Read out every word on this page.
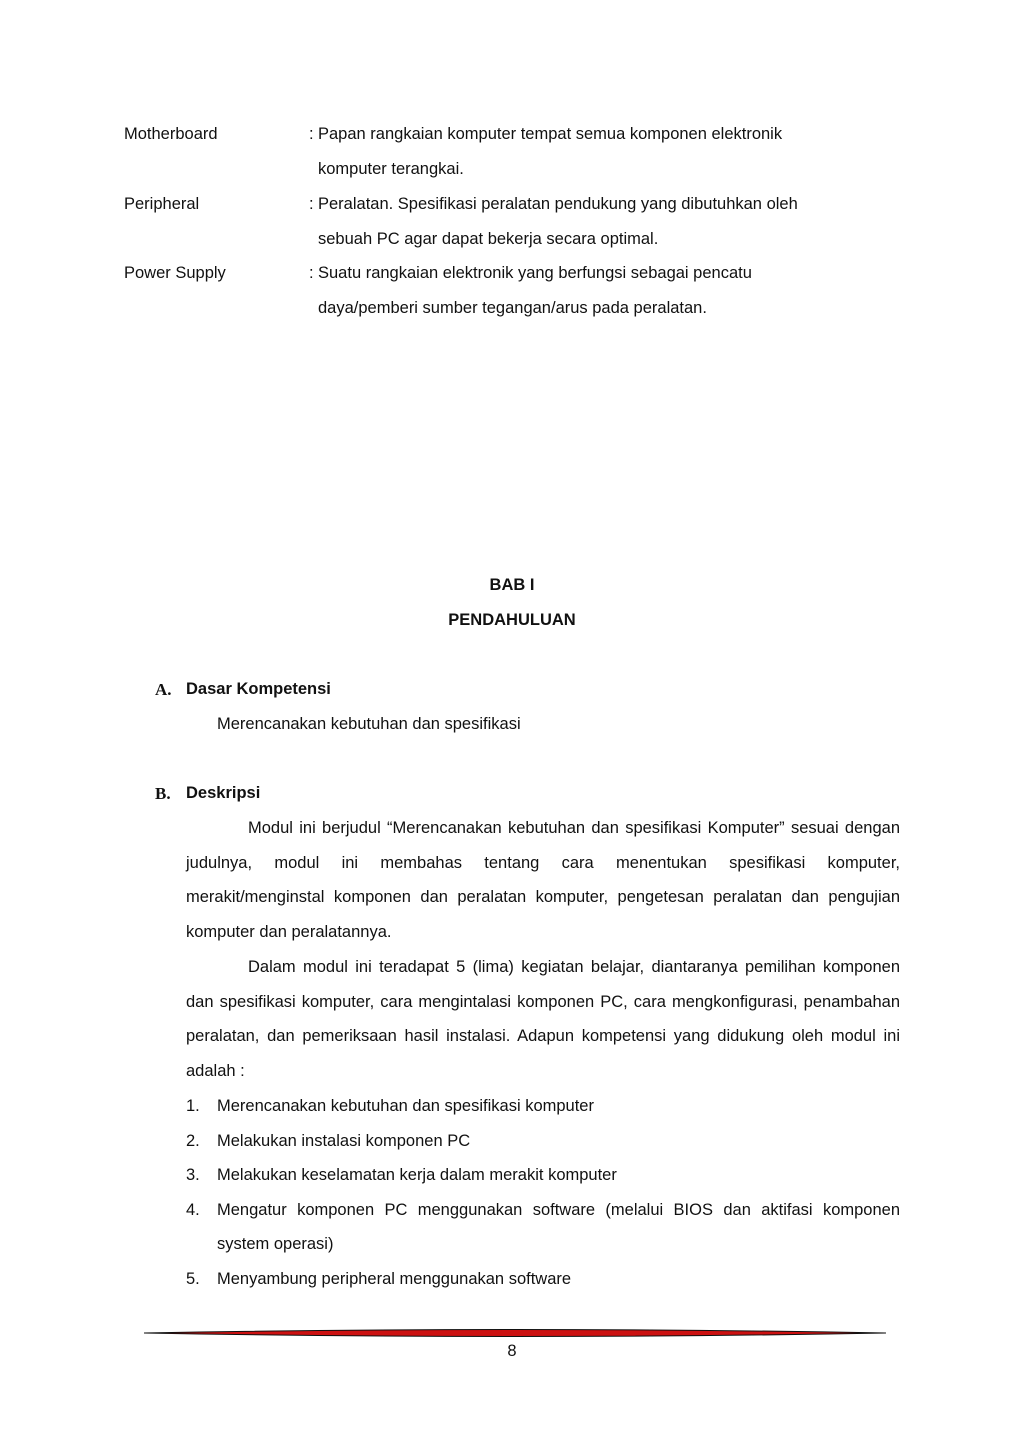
Motherboard	: Papan rangkaian komputer tempat semua komponen elektronik
komputer terangkai.
Peripheral	: Peralatan. Spesifikasi peralatan pendukung yang dibutuhkan oleh
sebuah PC agar dapat bekerja secara optimal.
Power Supply	: Suatu rangkaian elektronik yang berfungsi sebagai pencatu
daya/pemberi sumber tegangan/arus pada peralatan.
BAB I
PENDAHULUAN
A. Dasar Kompetensi
Merencanakan kebutuhan dan spesifikasi
B. Deskripsi

Modul ini berjudul “Merencanakan kebutuhan dan spesifikasi Komputer” sesuai dengan judulnya, modul ini membahas tentang cara menentukan spesifikasi komputer, merakit/menginstal komponen dan peralatan komputer, pengetesan peralatan dan pengujian komputer dan peralatannya.

Dalam modul ini teradapat 5 (lima) kegiatan belajar, diantaranya pemilihan komponen dan spesifikasi komputer, cara mengintalasi komponen PC, cara mengkonfigurasi, penambahan peralatan, dan pemeriksaan hasil instalasi. Adapun kompetensi yang didukung oleh modul ini adalah :

1. Merencanakan kebutuhan dan spesifikasi komputer
2. Melakukan instalasi komponen PC
3. Melakukan keselamatan kerja dalam merakit komputer
4. Mengatur komponen PC menggunakan software (melalui BIOS dan aktifasi komponen system operasi)
5. Menyambung peripheral menggunakan software
8
